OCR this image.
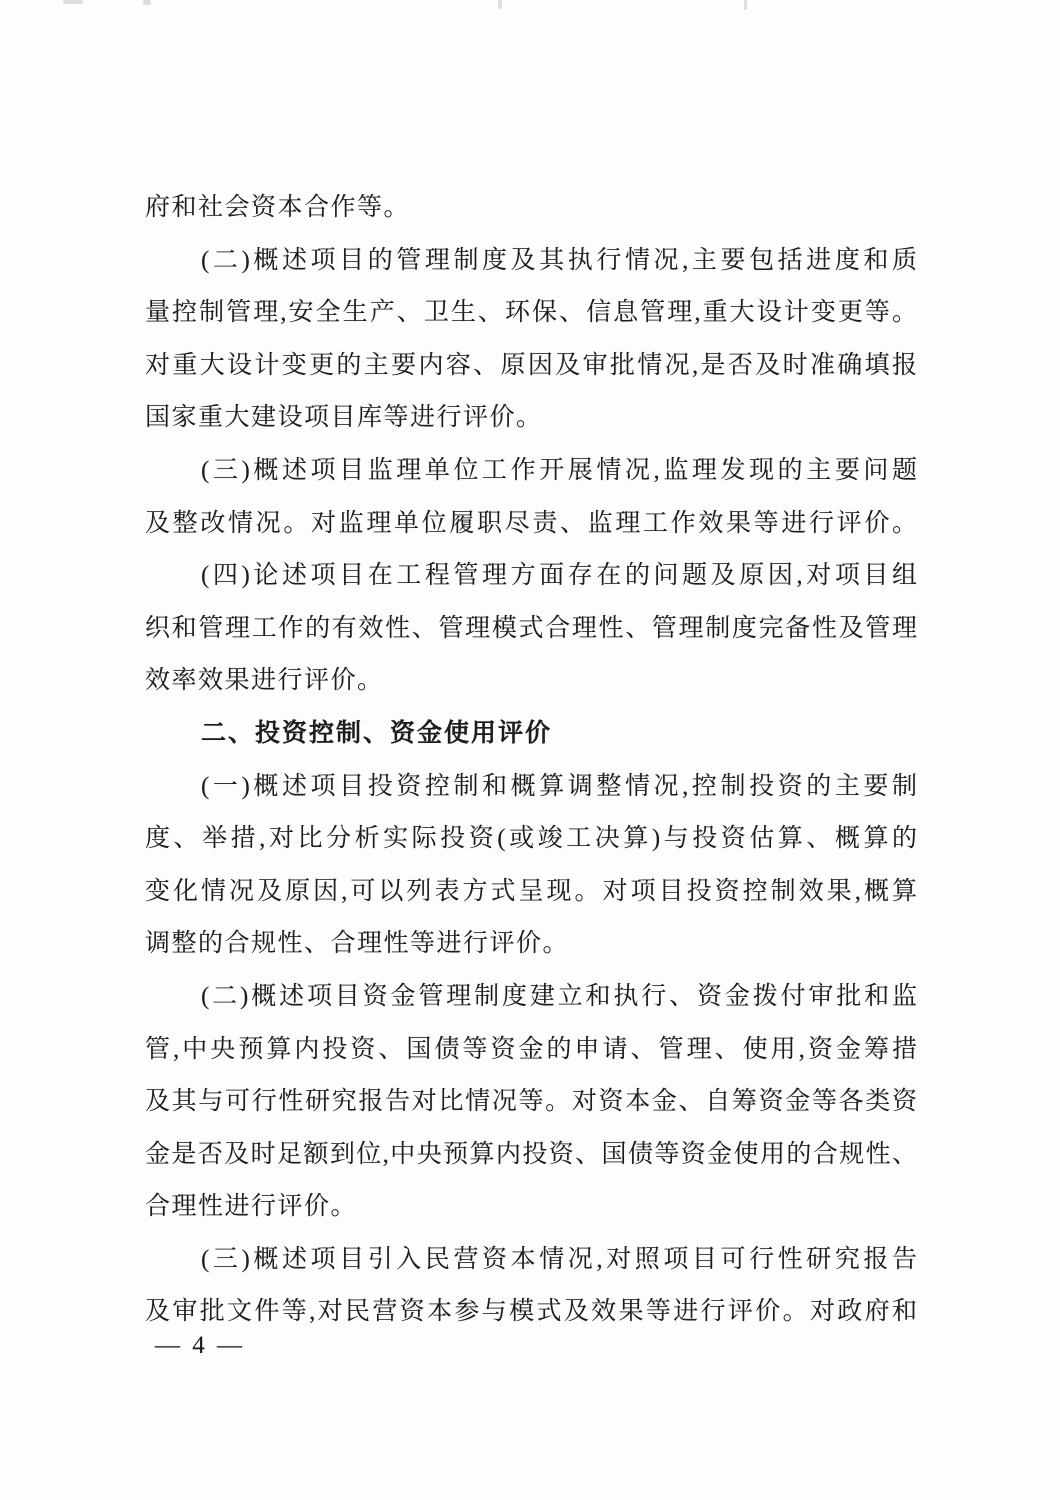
府和社会资本合作等。

(二)概述项目的管理制度及其执行情况,主要包括进度和质

量控制管理,安全生产、卫生、环保、信息管理,重大设计变更等。

对重大设计变更的主要内容、原因及审批情况,是否及时准确填报

国家重大建设项目库等进行评价。

(三)概述项目监理单位工作开展情况,监理发现的主要问题

及整改情况。对监理单位履职尽责、监理工作效果等进行评价。

(四)论述项目在工程管理方面存在的问题及原因,对项目组

织和管理工作的有效性、管理模式合理性、管理制度完备性及管理

效率效果进行评价。

二、投资控制、资金使用评价

(一)概述项目投资控制和概算调整情况,控制投资的主要制

度、举措,对比分析实际投资(或竣工决算)与投资估算、概算的

变化情况及原因,可以列表方式呈现。对项目投资控制效果,概算

调整的合规性、合理性等进行评价。

(二)概述项目资金管理制度建立和执行、资金拨付审批和监

管,中央预算内投资、国债等资金的申请、管理、使用,资金筹措

及其与可行性研究报告对比情况等。对资本金、自筹资金等各类资

金是否及时足额到位,中央预算内投资、国债等资金使用的合规性、

合理性进行评价。

(三)概述项目引入民营资本情况,对照项目可行性研究报告

及审批文件等,对民营资本参与模式及效果等进行评价。对政府和

— 4 —
